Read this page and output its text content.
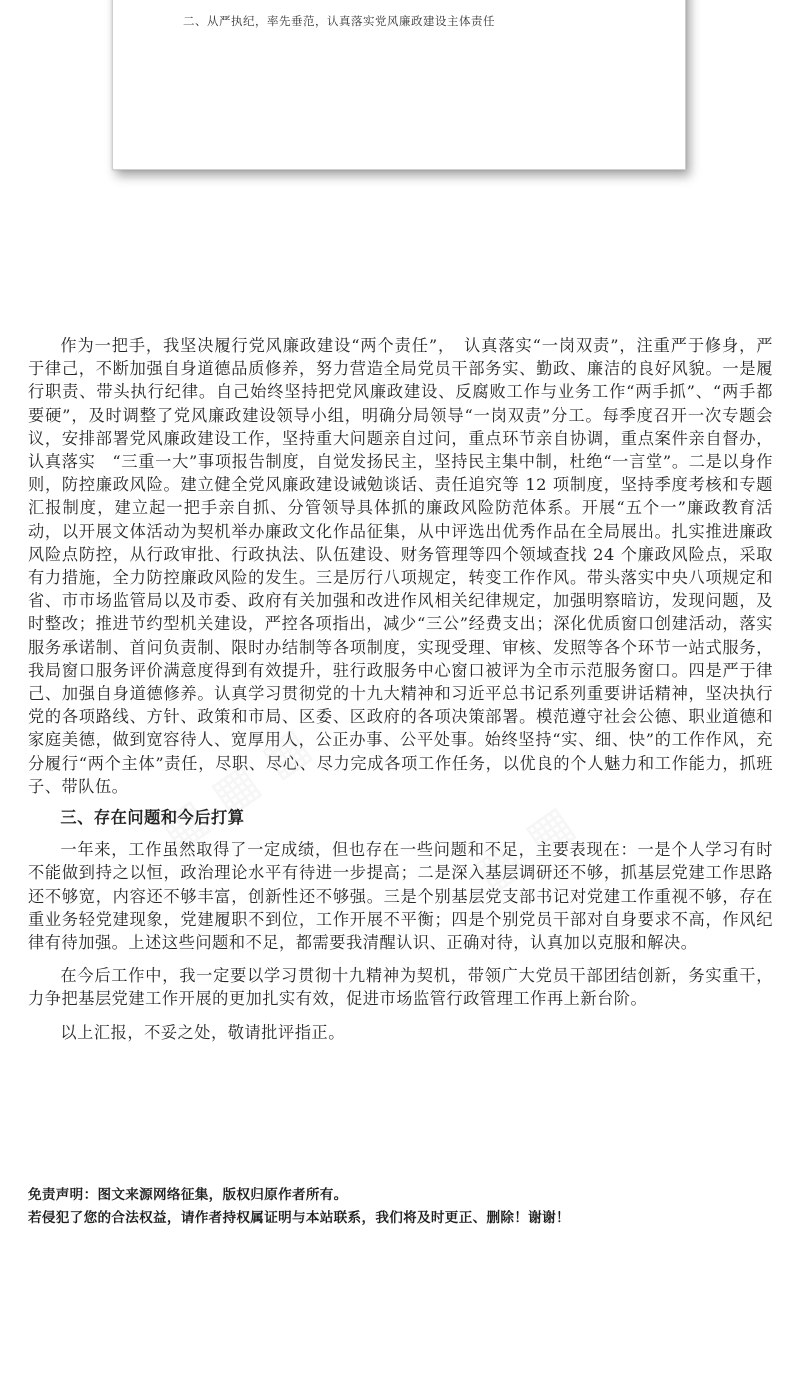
二、从严执纪，率先垂范，认真落实党风廉政建设主体责任

作为一把手，我坚决履行党风廉政建设“两个责任”，　认真落实“一岗双责”，注重严于修身，严于律己，不断加强自身道德品质修养，努力营造全局党员干部务实、勤政、廉洁的良好风貌。一是履行职责、带头执行纪律。自己始终坚持把党风廉政建设、反腐败工作与业务工作“两手抓”、“两手都要硬”，及时调整了党风廉政建设领导小组，明确分局领导“一岗双责”分工。每季度召开一次专题会议，安排部署党风廉政建设工作，坚持重大问题亲自过问，重点环节亲自协调，重点案件亲自督办，认真落实　“三重一大”事项报告制度，自觉发扬民主，坚持民主集中制，杜绝“一言堂”。二是以身作则，防控廉政风险。建立健全党风廉政建设诫勉谈话、责任追究等 12 项制度，坚持季度考核和专题汇报制度，建立起一把手亲自抓、分管领导具体抓的廉政风险防范体系。开展“五个一”廉政教育活动，以开展文体活动为契机举办廉政文化作品征集，从中评选出优秀作品在全局展出。扎实推进廉政风险点防控，从行政审批、行政执法、队伍建设、财务管理等四个领域查找 24 个廉政风险点，采取有力措施，全力防控廉政风险的发生。三是厉行八项规定，转变工作作风。带头落实中央八项规定和省、市市场监管局以及市委、政府有关加强和改进作风相关纪律规定，加强明察暗访，发现问题，及时整改；推进节约型机关建设，严控各项指出，减少“三公”经费支出；深化优质窗口创建活动，落实服务承诺制、首问负责制、限时办结制等各项制度，实现受理、审核、发照等各个环节一站式服务，我局窗口服务评价满意度得到有效提升，驻行政服务中心窗口被评为全市示范服务窗口。四是严于律己、加强自身道德修养。认真学习贯彻党的十九大精神和习近平总书记系列重要讲话精神，坚决执行党的各项路线、方针、政策和市局、区委、区政府的各项决策部署。模范遵守社会公德、职业道德和家庭美德，做到宽容待人、宽厚用人，公正办事、公平处事。始终坚持“实、细、快”的工作作风，充分履行“两个主体”责任，尽职、尽心、尽力完成各项工作任务，以优良的个人魅力和工作能力，抓班子、带队伍。

三、存在问题和今后打算

一年来，工作虽然取得了一定成绩，但也存在一些问题和不足，主要表现在：一是个人学习有时不能做到持之以恒，政治理论水平有待进一步提高；二是深入基层调研还不够，抓基层党建工作思路还不够宽，内容还不够丰富，创新性还不够强。三是个别基层党支部书记对党建工作重视不够，存在重业务轻党建现象，党建履职不到位，工作开展不平衡；四是个别党员干部对自身要求不高，作风纪律有待加强。上述这些问题和不足，都需要我清醒认识、正确对待，认真加以克服和解决。

在今后工作中，我一定要以学习贯彻十九精神为契机，带领广大党员干部团结创新，务实重干，力争把基层党建工作开展的更加扎实有效，促进市场监管行政管理工作再上新台阶。

以上汇报，不妥之处，敬请批评指正。

免责声明：图文来源网络征集，版权归原作者所有。
若侵犯了您的合法权益，请作者持权属证明与本站联系，我们将及时更正、删除！谢谢！
